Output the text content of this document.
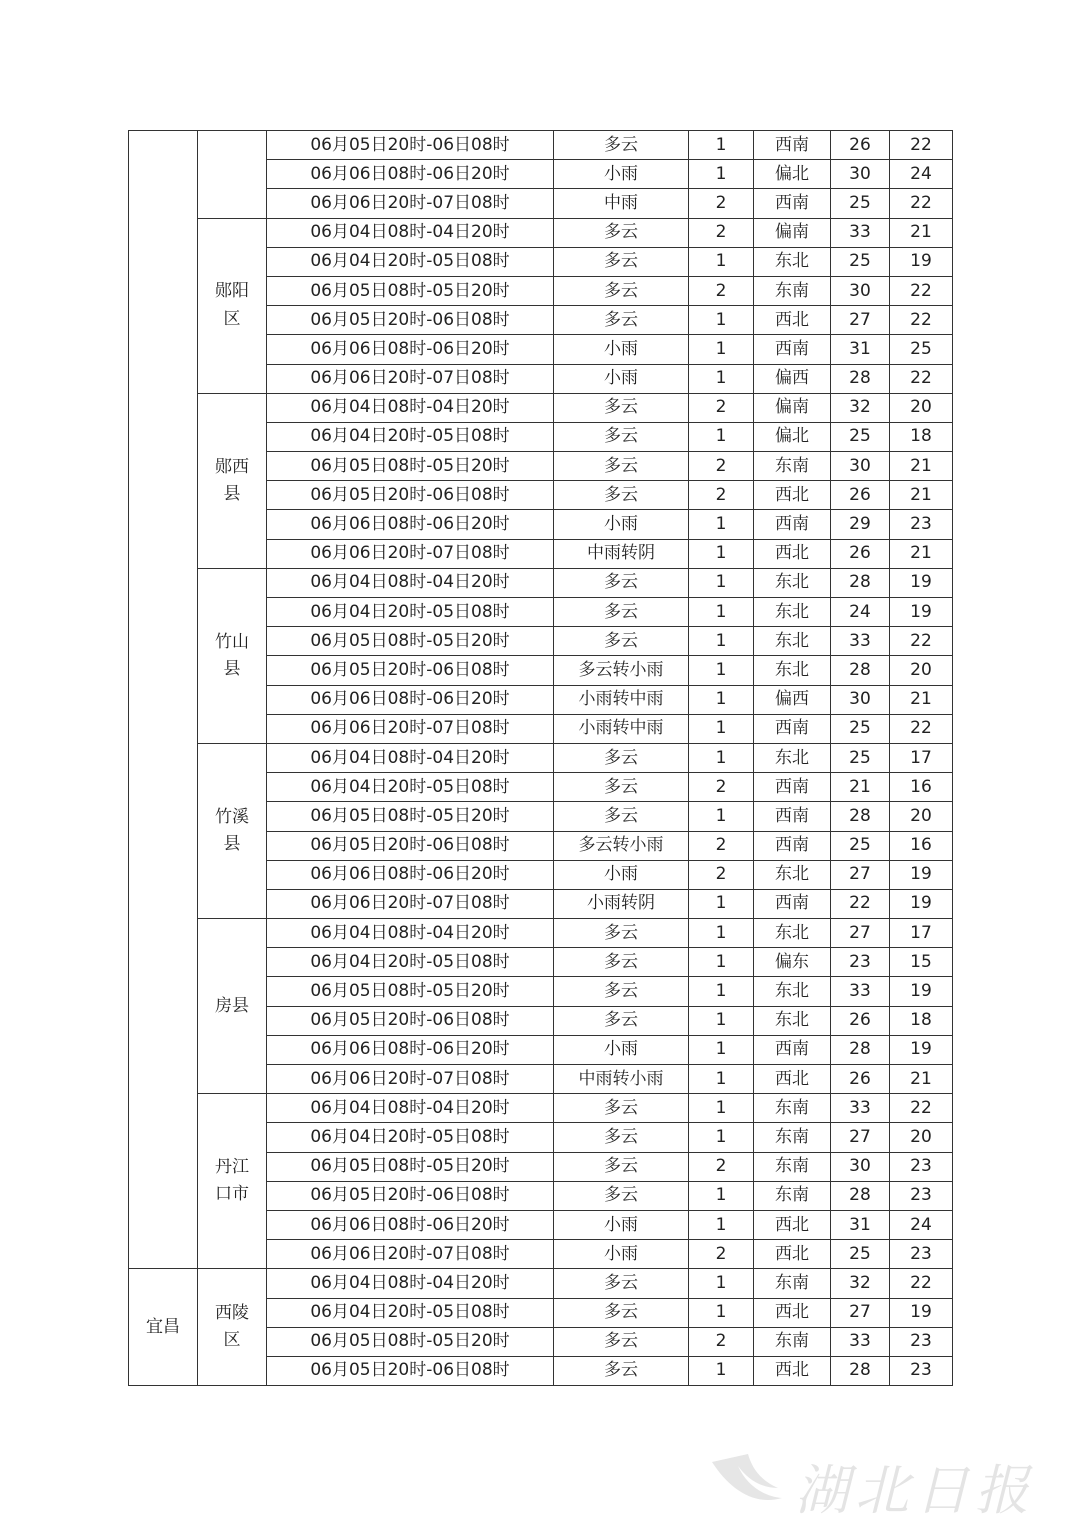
		06月05日20时-06日08时	多云	1	西南	26	22
		06月06日08时-06日20时	小雨	1	偏北	30	24
		06月06日20时-07日08时	中雨	2	西南	25	22

	郧阳
区	06月04日08时-04日20时	多云	2	偏南	33	21
		06月04日20时-05日08时	多云	1	东北	25	19
		06月05日08时-05日20时	多云	2	东南	30	22
		06月05日20时-06日08时	多云	1	西北	27	22
		06月06日08时-06日20时	小雨	1	西南	31	25
		06月06日20时-07日08时	小雨	1	偏西	28	22

	郧西
县	06月04日08时-04日20时	多云	2	偏南	32	20
		06月04日20时-05日08时	多云	1	偏北	25	18
		06月05日08时-05日20时	多云	2	东南	30	21
		06月05日20时-06日08时	多云	2	西北	26	21
		06月06日08时-06日20时	小雨	1	西南	29	23
		06月06日20时-07日08时	中雨转阴	1	西北	26	21

	竹山
县	06月04日08时-04日20时	多云	1	东北	28	19
		06月04日20时-05日08时	多云	1	东北	24	19
		06月05日08时-05日20时	多云	1	东北	33	22
		06月05日20时-06日08时	多云转小雨	1	东北	28	20
		06月06日08时-06日20时	小雨转中雨	1	偏西	30	21
		06月06日20时-07日08时	小雨转中雨	1	西南	25	22

	竹溪
县	06月04日08时-04日20时	多云	1	东北	25	17
		06月04日20时-05日08时	多云	2	西南	21	16
		06月05日08时-05日20时	多云	1	西南	28	20
		06月05日20时-06日08时	多云转小雨	2	西南	25	16
		06月06日08时-06日20时	小雨	2	东北	27	19
		06月06日20时-07日08时	小雨转阴	1	西南	22	19
	房县	06月04日08时-04日20时	多云	1	东北	27	17
		06月04日20时-05日08时	多云	1	偏东	23	15
		06月05日08时-05日20时	多云	1	东北	33	19
		06月05日20时-06日08时	多云	1	东北	26	18
		06月06日08时-06日20时	小雨	1	西南	28	19
		06月06日20时-07日08时	中雨转小雨	1	西北	26	21

	丹江
口市	06月04日08时-04日20时	多云	1	东南	33	22
		06月04日20时-05日08时	多云	1	东南	27	20
		06月05日08时-05日20时	多云	2	东南	30	23
		06月05日20时-06日08时	多云	1	东南	28	23
		06月06日08时-06日20时	小雨	1	西北	31	24
		06月06日20时-07日08时	小雨	2	西北	25	23
宜昌	西陵
区	06月04日08时-04日20时	多云	1	东南	32	22
		06月04日20时-05日08时	多云	1	西北	27	19
		06月05日08时-05日20时	多云	2	东南	33	23
		06月05日20时-06日08时	多云	1	西北	28	23
湖北日报
